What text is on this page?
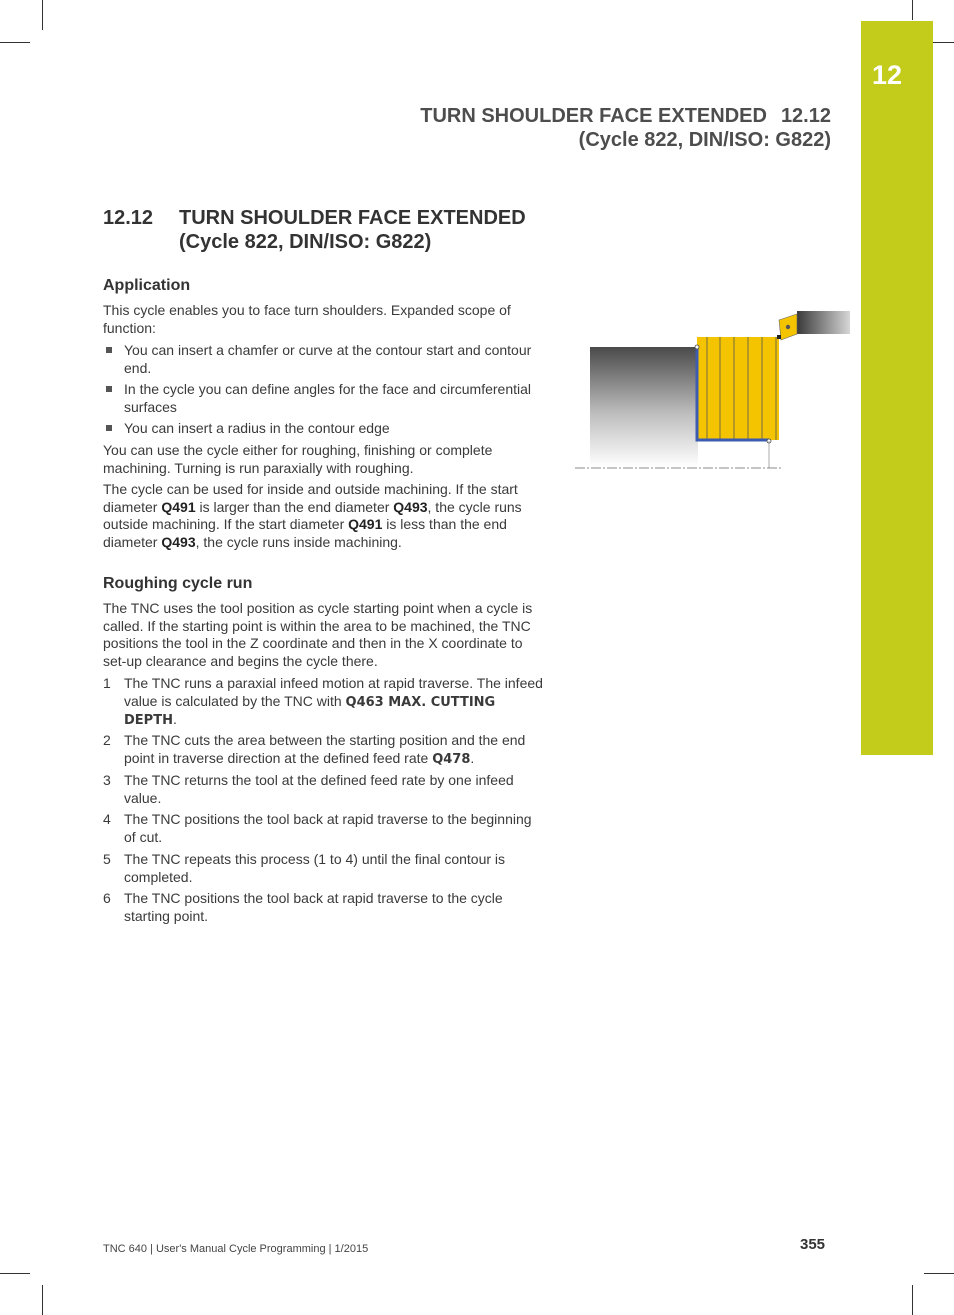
12
TURN SHOULDER FACE EXTENDED 12.12
(Cycle 822, DIN/ISO: G822)
12.12 TURN SHOULDER FACE EXTENDED
(Cycle 822, DIN/ISO: G822)
Application
This cycle enables you to face turn shoulders. Expanded scope of function:
You can insert a chamfer or curve at the contour start and contour end.
In the cycle you can define angles for the face and circumferential surfaces
You can insert a radius in the contour edge
You can use the cycle either for roughing, finishing or complete machining. Turning is run paraxially with roughing.
The cycle can be used for inside and outside machining. If the start diameter Q491 is larger than the end diameter Q493, the cycle runs outside machining. If the start diameter Q491 is less than the end diameter Q493, the cycle runs inside machining.
Roughing cycle run
The TNC uses the tool position as cycle starting point when a cycle is called. If the starting point is within the area to be machined, the TNC positions the tool in the Z coordinate and then in the X coordinate to set-up clearance and begins the cycle there.
1 The TNC runs a paraxial infeed motion at rapid traverse. The infeed value is calculated by the TNC with Q463 MAX. CUTTING DEPTH.
2 The TNC cuts the area between the starting position and the end point in traverse direction at the defined feed rate Q478.
3 The TNC returns the tool at the defined feed rate by one infeed value.
4 The TNC positions the tool back at rapid traverse to the beginning of cut.
5 The TNC repeats this process (1 to 4) until the final contour is completed.
6 The TNC positions the tool back at rapid traverse to the cycle starting point.
TNC 640 | User's Manual Cycle Programming | 1/2015	355
